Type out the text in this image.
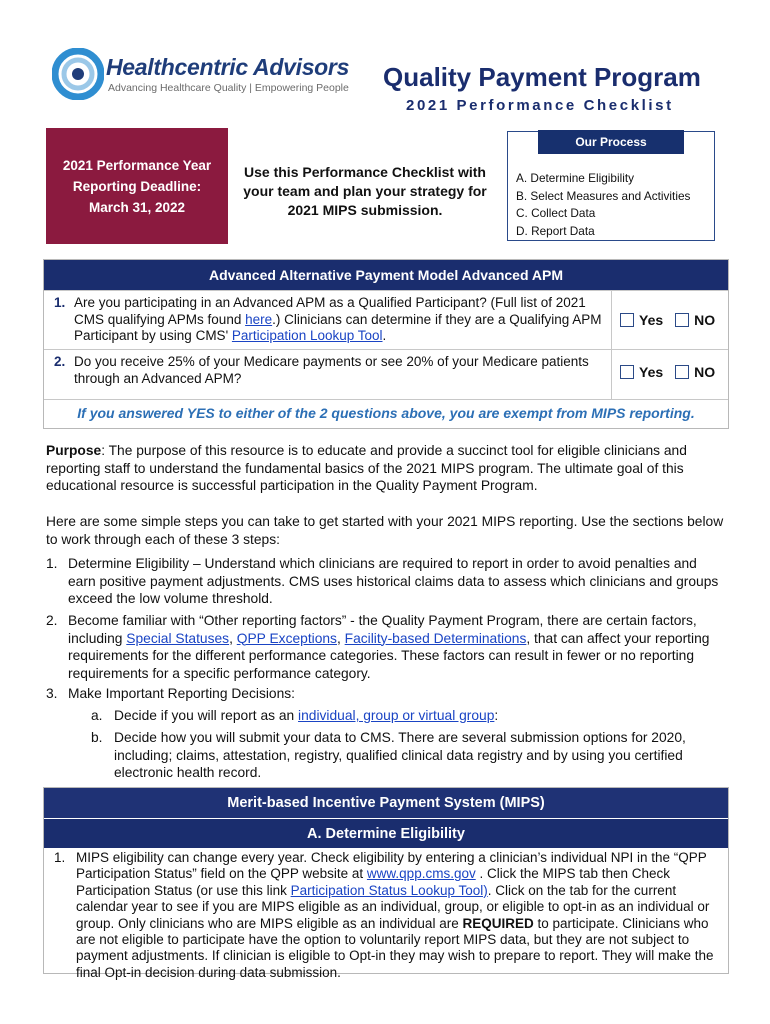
Healthcentric Advisors
Advancing Healthcare Quality | Empowering People Quality Payment Program
2021 Performance Checklist
2021 Performance Year
Reporting Deadline:
March 31, 2022
Use this Performance Checklist with your team and plan your strategy for 2021 MIPS submission.
Our Process
A. Determine Eligibility
B. Select Measures and Activities
C. Collect Data
D. Report Data
Advanced Alternative Payment Model Advanced APM
1. Are you participating in an Advanced APM as a Qualified Participant? (Full list of 2021 CMS qualifying APMs found here.) Clinicians can determine if they are a Qualifying APM Participant by using CMS' Participation Lookup Tool.
Yes NO
2. Do you receive 25% of your Medicare payments or see 20% of your Medicare patients through an Advanced APM?	Yes NO
If you answered YES to either of the 2 questions above, you are exempt from MIPS reporting.
Purpose: The purpose of this resource is to educate and provide a succinct tool for eligible clinicians and reporting staff to understand the fundamental basics of the 2021 MIPS program. The ultimate goal of this educational resource is successful participation in the Quality Payment Program.
Here are some simple steps you can take to get started with your 2021 MIPS reporting. Use the sections below to work through each of these 3 steps:
1. Determine Eligibility – Understand which clinicians are required to report in order to avoid penalties and earn positive payment adjustments. CMS uses historical claims data to assess which clinicians and groups exceed the low volume threshold.
2. Become familiar with “Other reporting factors” - the Quality Payment Program, there are certain factors, including Special Statuses, QPP Exceptions, Facility-based Determinations, that can affect your reporting requirements for the different performance categories. These factors can result in fewer or no reporting requirements for a specific performance category.
3. Make Important Reporting Decisions:
a. Decide if you will report as an individual, group or virtual group:
b. Decide how you will submit your data to CMS. There are several submission options for 2020, including; claims, attestation, registry, qualified clinical data registry and by using you certified electronic health record.
Merit-based Incentive Payment System (MIPS)
A. Determine Eligibility
1. MIPS eligibility can change every year. Check eligibility by entering a clinician’s individual NPI in the “QPP Participation Status” field on the QPP website at www.qpp.cms.gov . Click the MIPS tab then Check Participation Status (or use this link Participation Status Lookup Tool). Click on the tab for the current calendar year to see if you are MIPS eligible as an individual, group, or eligible to opt-in as an individual or group. Only clinicians who are MIPS eligible as an individual are REQUIRED to participate. Clinicians who are not eligible to participate have the option to voluntarily report MIPS data, but they are not subject to payment adjustments. If clinician is eligible to Opt-in they may wish to prepare to report. They will make the final Opt-in decision during data submission.
